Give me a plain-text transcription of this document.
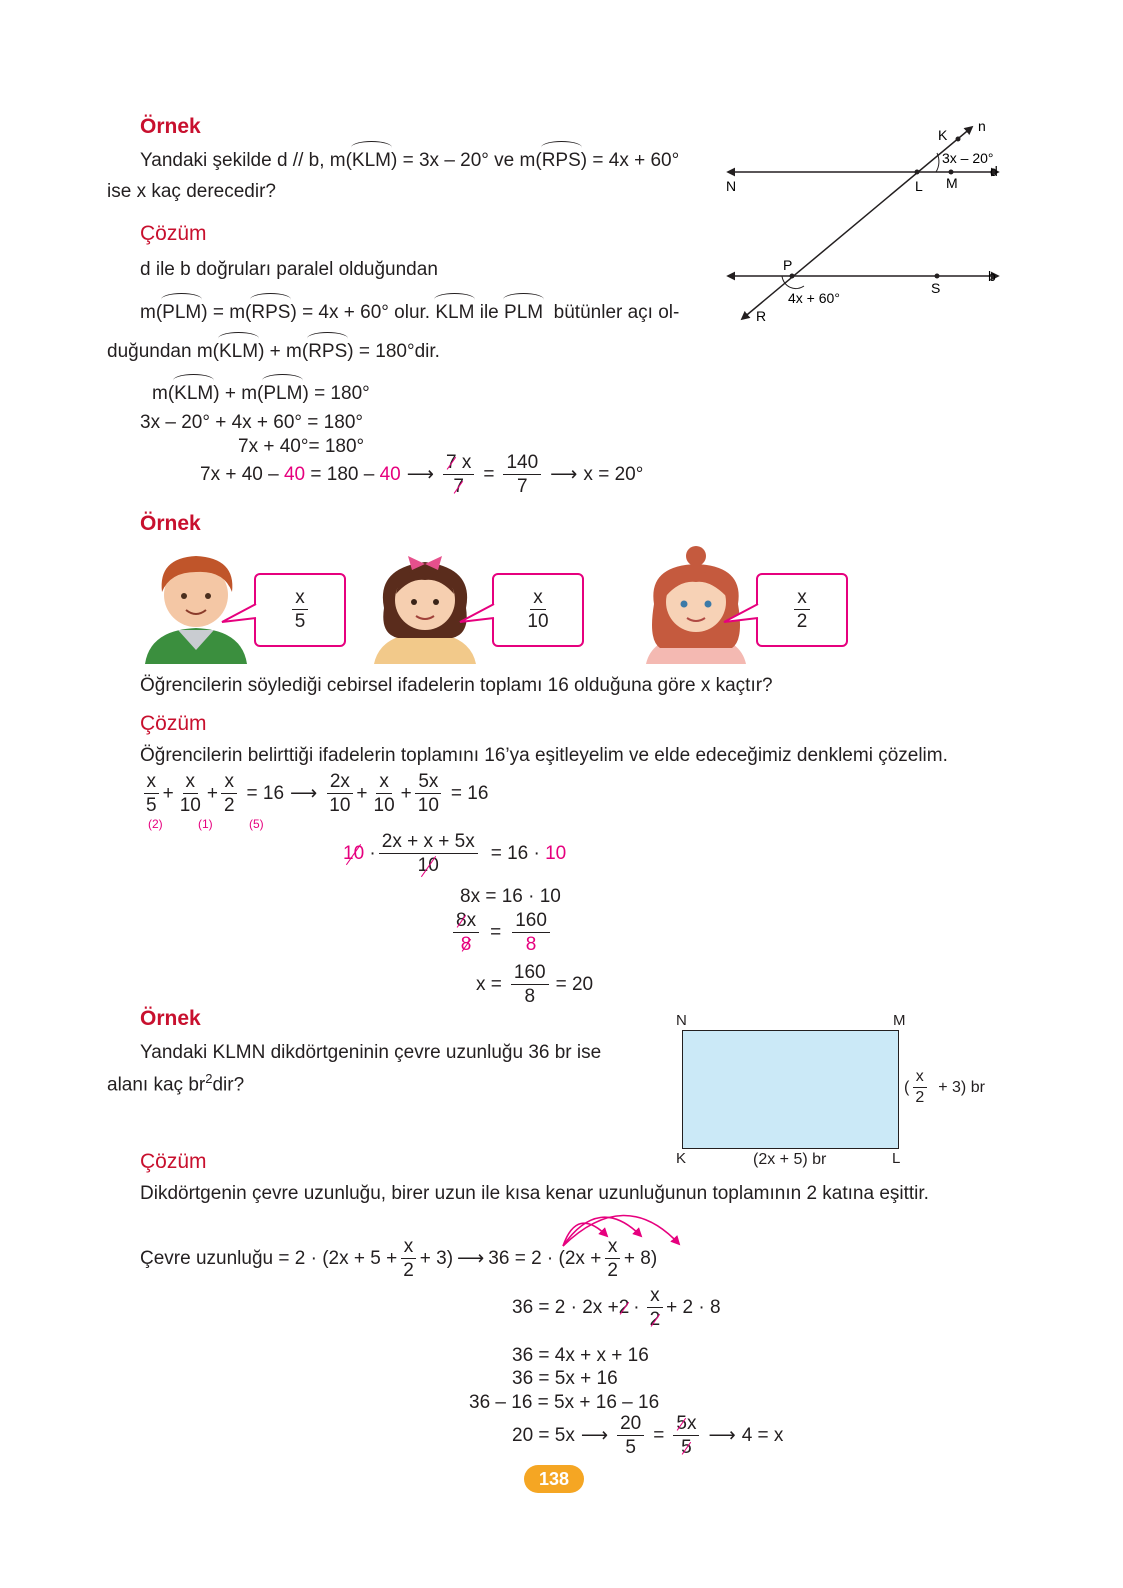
Örnek
Yandaki şekilde d // b, m(KLM) = 3x – 20° ve m(RPS) = 4x + 60°
ise x kaç derecedir?
K
n
3x – 20°
d
N	L M
P
b
S
4x + 60°
R
Çözüm
d ile b doğruları paralel olduğundan
m(PLM) = m(RPS) = 4x + 60° olur. KLM ile PLM bütünler açı ol-
duğundan m(KLM) + m(RPS) = 180°dir.
m(KLM) + m(PLM) = 180°
3x – 20° + 4x + 60° = 180°
7x + 40°= 180°
7x + 40 –
40
= 180 –
40 ⟶ $\frac{7 x}{7} = \frac{140}{7}$ ⟶ x = 20°
Örnek
$\frac{x}{5}$	$\frac{x}{10}$	$\frac{x}{2}$
Öğrencilerin söylediği cebirsel ifadelerin toplamı 16 olduğuna göre x kaçtır?
Çözüm
Öğrencilerin belirttiği ifadelerin toplamını 16’ya eşitleyelim ve elde edeceğimiz denklemi çözelim.
$\frac{x}{5} + \frac{x}{10} + \frac{x}{2} = 16$ ⟶ $\frac{2x}{10} + \frac{x}{10} + \frac{5x}{10} = 16$
(2)	(1)	(5)
$10 \cdot \frac{2x + x + 5x}{10} = 16$ ·
10
8x = 16 · 10
$\frac{8x}{8} = \frac{160}{8}$
$x = \frac{160}{8} = 20$
Örnek
Yandaki KLMN dikdörtgeninin çevre uzunluğu 36 br ise
alanı kaç $br^2dir$?
N	M
K	L
(2x + 5) br
( $\frac{x}{2} + 3$) br
Çözüm
Dikdörtgenin çevre uzunluğu, birer uzun ile kısa kenar uzunluğunun toplamının 2 katına eşittir.
Çevre uzunluğu = $2 \cdot (2x + 5 + \frac{x}{2} + 3)$ ⟶ $36 = 2 \cdot (2x + \frac{x}{2} + 8)$
$36 = 2 \cdot 2x + 2 \cdot \frac{x}{2} + 2 \cdot 8$
36 = 4x + x + 16
36 = 5x + 16
36 – 16 = 5x + 16 – 16
20 = 5x ⟶ $\frac{20}{5} = \frac{5x}{5}$ ⟶ 4 = x
138
